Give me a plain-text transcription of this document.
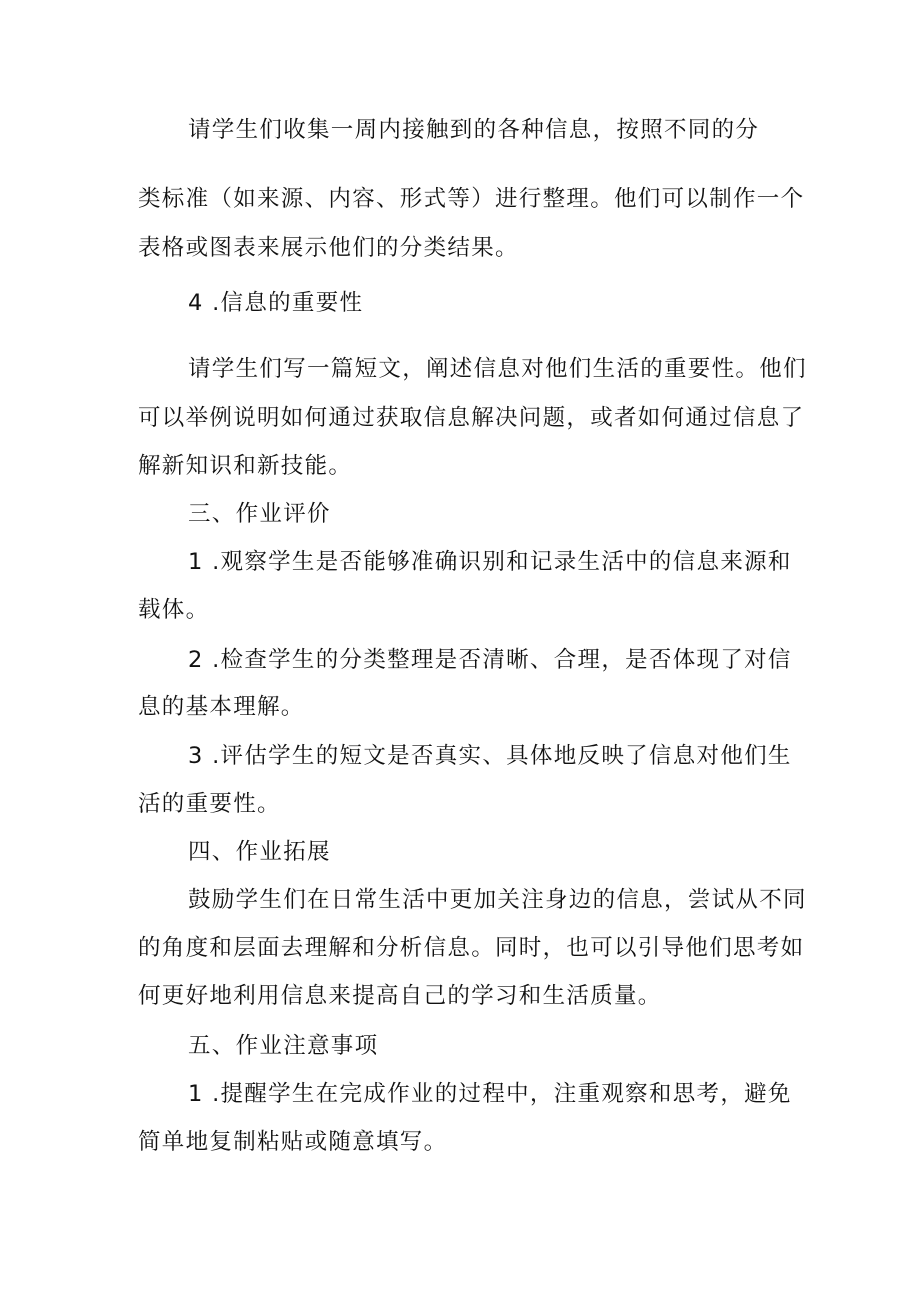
请学生们收集一周内接触到的各种信息，按照不同的分
类标准（如来源、内容、形式等）进行整理。他们可以制作一个
表格或图表来展示他们的分类结果。
4 .信息的重要性
请学生们写一篇短文，阐述信息对他们生活的重要性。他们
可以举例说明如何通过获取信息解决问题，或者如何通过信息了
解新知识和新技能。
三、作业评价
1 .观察学生是否能够准确识别和记录生活中的信息来源和
载体。
2 .检查学生的分类整理是否清晰、合理，是否体现了对信
息的基本理解。
3 .评估学生的短文是否真实、具体地反映了信息对他们生
活的重要性。
四、作业拓展
鼓励学生们在日常生活中更加关注身边的信息，尝试从不同
的角度和层面去理解和分析信息。同时，也可以引导他们思考如
何更好地利用信息来提高自己的学习和生活质量。
五、作业注意事项
1 .提醒学生在完成作业的过程中，注重观察和思考，避免
简单地复制粘贴或随意填写。
